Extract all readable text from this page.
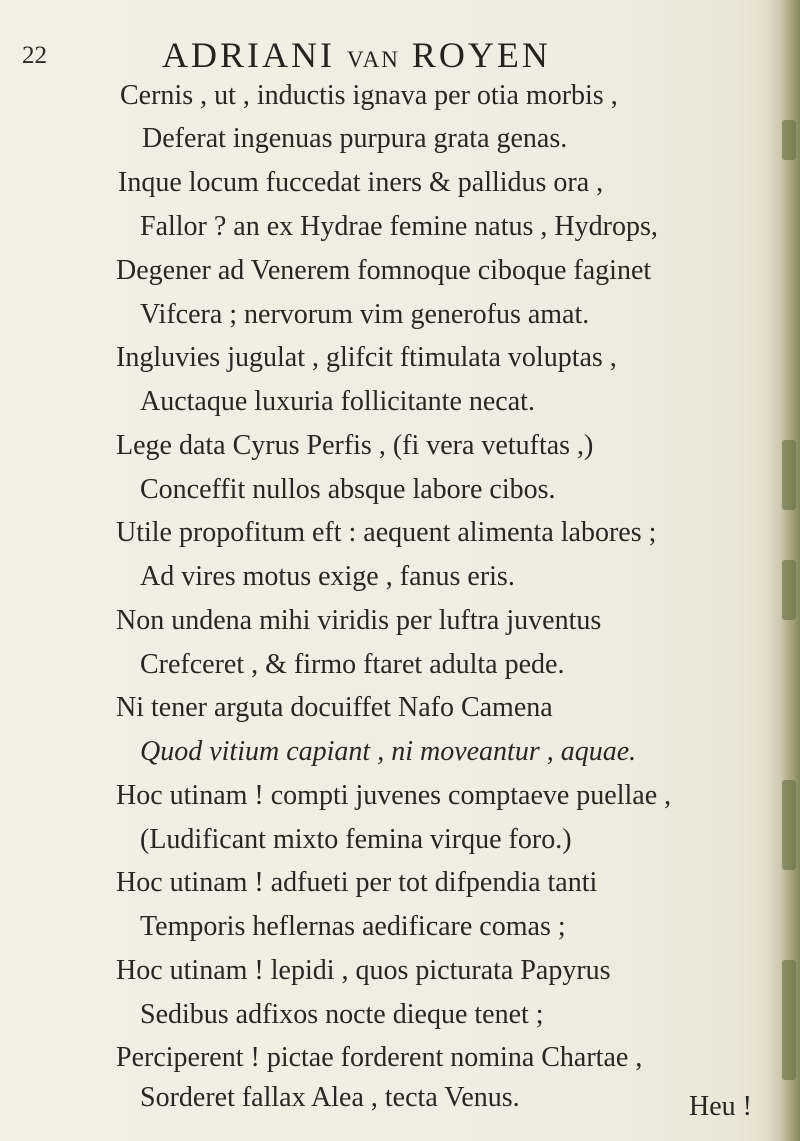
22	ADRIANI VAN ROYEN
Cernis , ut , inductis ignava per otia morbis ,
Deferat ingenuas purpura grata genas.
Inque locum fuccedat iners & pallidus ora ,
Fallor ? an ex Hydrae femine natus , Hydrops,
Degener ad Venerem fomnoque ciboque faginet
Vifcera ; nervorum vim generofus amat.
Ingluvies jugulat , glifcit ftimulata voluptas ,
Auctaque luxuria follicitante necat.
Lege data Cyrus Perfis , (fi vera vetuftas ,)
Conceffit nullos absque labore cibos.
Utile propofitum eft : aequent alimenta labores ;
Ad vires motus exige , fanus eris.
Non undena mihi viridis per luftra juventus
Crefceret , & firmo ftaret adulta pede.
Ni tener arguta docuiffet Nafo Camena
Quod vitium capiant , ni moveantur , aquae.
Hoc utinam ! compti juvenes comptaeve puellae ,
(Ludificant mixto femina virque foro.)
Hoc utinam ! adfueti per tot difpendia tanti
Temporis heflernas aedificare comas ;
Hoc utinam ! lepidi , quos picturata Papyrus
Sedibus adfixos nocte dieque tenet ;
Perciperent ! pictae forderent nomina Chartae ,
Sorderet fallax Alea , tecta Venus.	Heu !
